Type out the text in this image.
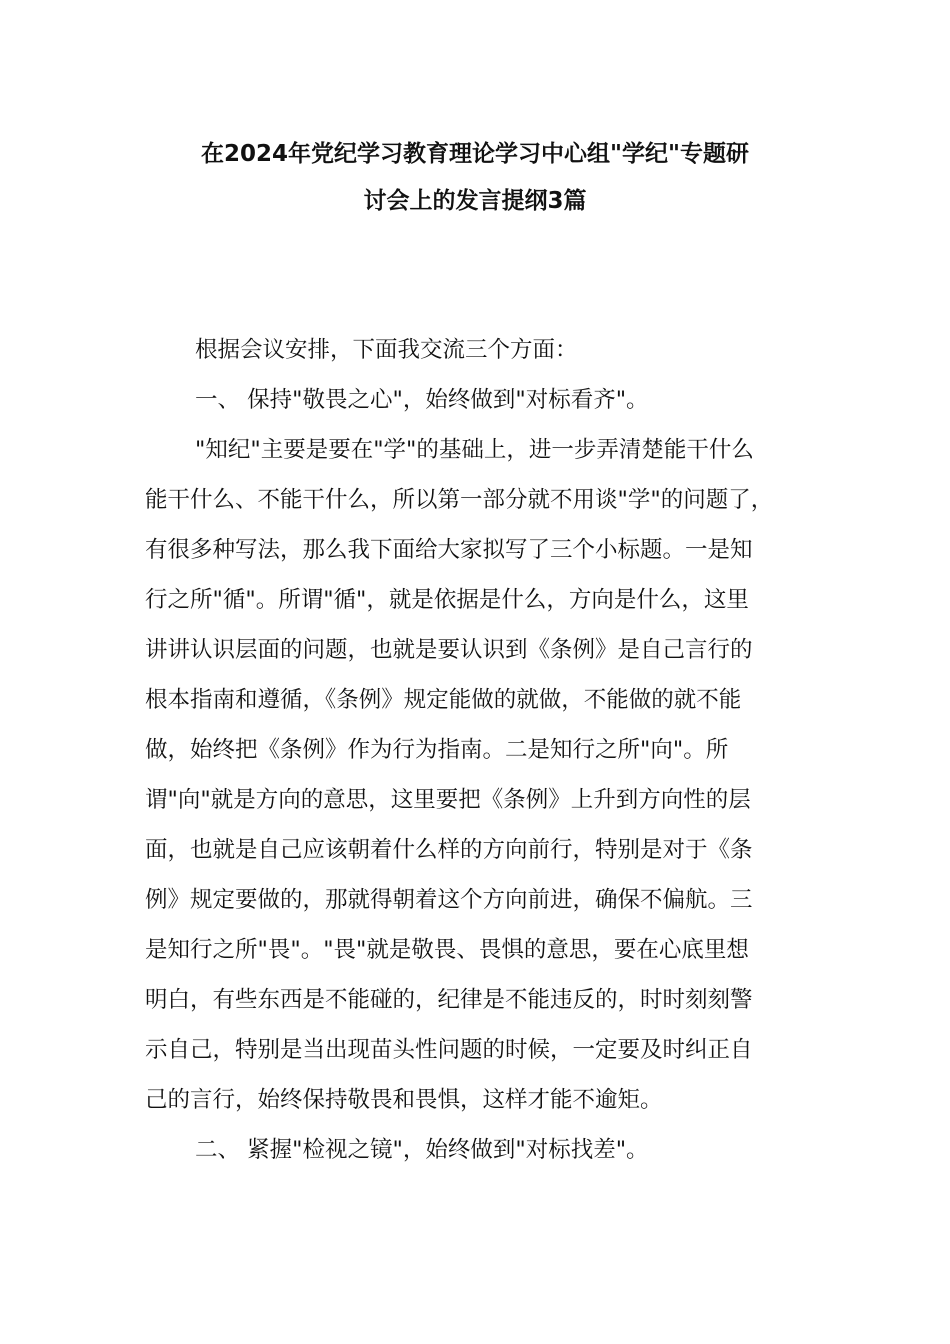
在2024年党纪学习教育理论学习中心组"学纪"专题研
讨会上的发言提纲3篇
根据会议安排，下面我交流三个方面：
一、 保持"敬畏之心"，始终做到"对标看齐"。
"知纪"主要是要在"学"的基础上，进一步弄清楚能干什么
能干什么、不能干什么，所以第一部分就不用谈"学"的问题了，
有很多种写法，那么我下面给大家拟写了三个小标题。一是知
行之所"循"。所谓"循"，就是依据是什么，方向是什么，这里
讲讲认识层面的问题，也就是要认识到《条例》是自己言行的
根本指南和遵循，《条例》规定能做的就做，不能做的就不能
做，始终把《条例》作为行为指南。二是知行之所"向"。所
谓"向"就是方向的意思，这里要把《条例》上升到方向性的层
面，也就是自己应该朝着什么样的方向前行，特别是对于《条
例》规定要做的，那就得朝着这个方向前进，确保不偏航。三
是知行之所"畏"。"畏"就是敬畏、畏惧的意思，要在心底里想
明白，有些东西是不能碰的，纪律是不能违反的，时时刻刻警
示自己，特别是当出现苗头性问题的时候，一定要及时纠正自
己的言行，始终保持敬畏和畏惧，这样才能不逾矩。
二、 紧握"检视之镜"，始终做到"对标找差"。
